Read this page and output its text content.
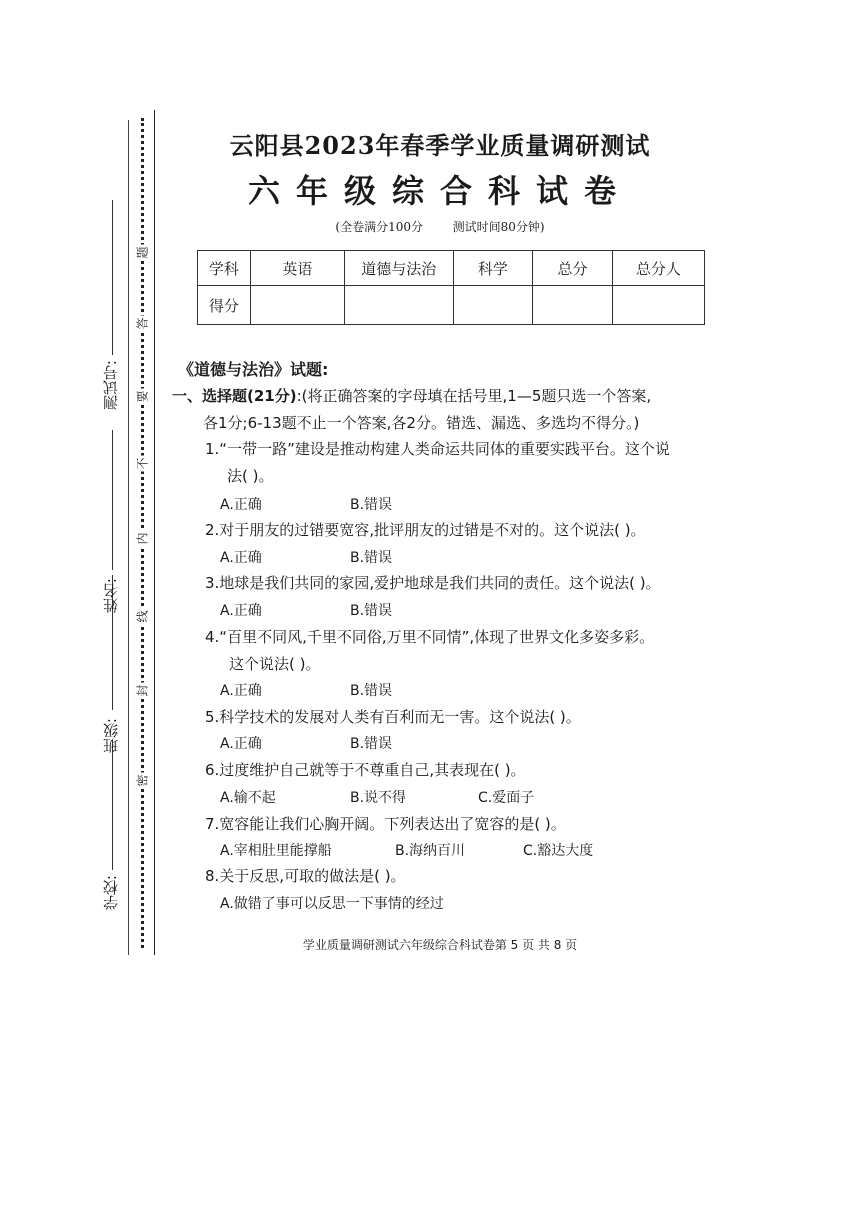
学校:
班级:
姓名:
测试号:
密
封
线
内
不
要
答
题
云阳县2023年春季学业质量调研测试
六年级综合科试卷
(全卷满分100分 测试时间80分钟)
学科	英语	道德与法治	科学	总分	总分人
得分					
《道德与法治》试题:
一、选择题(21分):(将正确答案的字母填在括号里,1—5题只选一个答案,
各1分;6-13题不止一个答案,各2分。错选、漏选、多选均不得分。)
1.“一带一路”建设是推动构建人类命运共同体的重要实践平台。这个说
法( )。
A.正确	B.错误
2.对于朋友的过错要宽容,批评朋友的过错是不对的。这个说法( )。
A.正确	B.错误
3.地球是我们共同的家园,爱护地球是我们共同的责任。这个说法( )。
A.正确	B.错误
4.“百里不同风,千里不同俗,万里不同情”,体现了世界文化多姿多彩。
这个说法( )。
A.正确	B.错误
5.科学技术的发展对人类有百利而无一害。这个说法( )。
A.正确	B.错误
6.过度维护自己就等于不尊重自己,其表现在( )。
A.输不起	B.说不得	C.爱面子
7.宽容能让我们心胸开阔。下列表达出了宽容的是( )。
A.宰相肚里能撑船	B.海纳百川	C.豁达大度
8.关于反思,可取的做法是( )。
A.做错了事可以反思一下事情的经过
学业质量调研测试六年级综合科试卷第 5 页 共 8 页
